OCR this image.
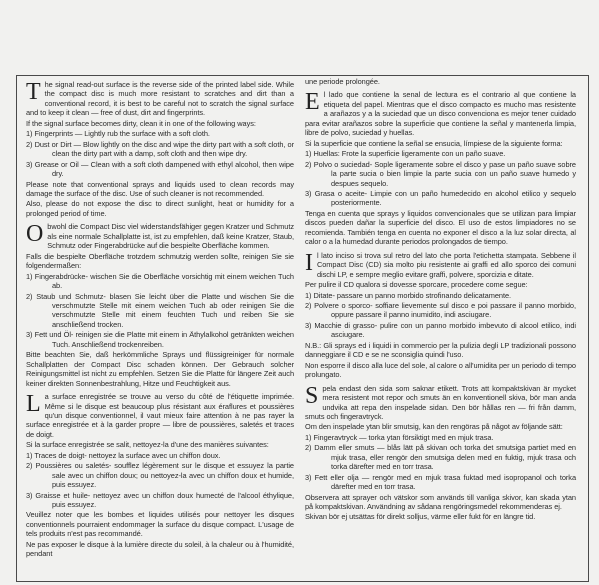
The signal read-out surface is the reverse side of the printed label side. While the compact disc is much more resistant to scratches and dirt than a conventional record, it is best to be careful not to scratch the signal surface and to keep it clean — free of dust, dirt and fingerprints.

If the signal surface becomes dirty, clean it in one of the following ways:

1) Fingerprints — Lightly rub the surface with a soft cloth.

2) Dust or Dirt — Blow lightly on the disc and wipe the dirty part with a soft cloth, or clean the dirty part with a damp, soft cloth and then wipe dry.

3) Grease or Oil — Clean with a soft cloth dampened with ethyl alcohol, then wipe dry.

Please note that conventional sprays and liquids used to clean records may damage the surface of the disc. Use of such cleaner is not recommended.

Also, please do not expose the disc to direct sunlight, heat or humidity for a prolonged period of time.

Obwohl die Compact Disc viel widerstandsfähiger gegen Kratzer und Schmutz als eine normale Schallplatte ist, ist zu empfehlen, daß keine Kratzer, Staub, Schmutz oder Fingerabdrücke auf die bespielte Oberfläche kommen.

Falls die bespielte Oberfläche trotzdem schmutzig werden sollte, reinigen Sie sie folgendermaßen:

1) Fingerabdrücke- wischen Sie die Oberfläche vorsichtig mit einem weichen Tuch ab.

2) Staub und Schmutz- blasen Sie leicht über die Platte und wischen Sie die verschmutzte Stelle mit einem weichen Tuch ab oder reinigen Sie die verschmutzte Stelle mit einem feuchten Tuch und reiben Sie sie anschließend trocken.

3) Fett und Öl- reinigen sie die Platte mit einem in Äthylalkohol getränkten weichen Tuch. Anschließend trockenreiben.

Bitte beachten Sie, daß herkömmliche Sprays und flüssigreiniger für normale Schallplatten der Compact Disc schaden können. Der Gebrauch solcher Reinigungsmittel ist nicht zu empfehlen. Setzen Sie die Platte für längere Zeit auch keiner direkten Sonnenbestrahlung, Hitze und Feuchtigkeit aus.

La surface enregistrée se trouve au verso du côté de l'étiquette imprimée. Même si le disque est beaucoup plus résistant aux éraflures et poussières qu'un disque conventionnel, il vaut mieux faire attention à ne pas rayer la surface enregistrée et à la garder propre — libre de poussières, saletés et traces de doigt.

Si la surface enregistrée se salit, nettoyez-la d'une des manières suivantes:

1) Traces de doigt- nettoyez la surface avec un chiffon doux.

2) Poussières ou saletés- soufflez légèrement sur le disque et essuyez la partie sale avec un chiffon doux; ou nettoyez-la avec un chiffon doux et humide, puis essuyez.

3) Graisse et huile- nettoyez avec un chiffon doux humecté de l'alcool éthylique, puis essuyez.

Veuillez noter que les bombes et liquides utilisés pour nettoyer les disques conventionnels pourraient endommager la surface du disque compact. L'usage de tels produits n'est pas recommandé.

Ne pas exposer le disque à la lumière directe du soleil, à la chaleur ou à l'humidité, pendant

une periode prolongée.

El lado que contiene la senal de lectura es el contrario al que contiene la etiqueta del papel. Mientras que el disco compacto es mucho mas resistente a arañazos y a la suciedad que un disco convenciona es mejor tener cuidado para evitar arañazos sobre la superficie que contiene la señal y mantenerla limpia, libre de polvo, suciedad y huellas.

Si la superficie que contiene la señal se ensucia, límpiese de la siguiente forma:

1) Huellas: Frote la superficie ligeramente con un paño suave.

2) Polvo o suciedad- Sople ligeramente sobre el disco y pase un paño suave sobre la parte sucia o bien limpie la parte sucia con un paño suave humedo y despues sequelo.

3) Grasa o aceite- Limpie con un paño humedecido en alcohol etilico y sequelo posteriormente.

Tenga en cuenta que sprays y liquidos convencionales que se utilizan para limpiar discos pueden dañar la superficie del disco. El uso de estos limpiadores no se recomienda. También tenga en cuenta no exponer el disco a la luz solar directa, al calor o a la humedad durante periodos prolongados de tiempo.

Il lato inciso si trova sul retro del lato che porta l'etichetta stampata. Sebbene il Compact Disc (CD) sia molto piu resistente ai graffi ed allo sporco dei comuni dischi LP, e sempre meglio evitare graffi, polvere, sporcizia e ditate.

Per pulire il CD qualora si dovesse sporcare, procedere come segue:

1) Ditate- passare un panno morbido strofinando delicatamente.

2) Polvere o sporco- soffiare lievemente sul disco e poi passare il panno morbido, oppure passare il panno inumidito, indi asciugare.

3) Macchie di grasso- pulire con un panno morbido imbevuto di alcool etilico, indi asciugare.

N.B.: Gli sprays ed i liquidi in commercio per la pulizia degli LP tradizionali possono danneggiare il CD e se ne sconsiglia quindi l'uso.

Non esporre il disco alla luce del sole, al calore o all'umidita per un periodo di tempo prolungato.

Spela endast den sida som saknar etikett. Trots att kompaktskivan är mycket mera resistent mot repor och smuts än en konventionell skiva, bör man anda undvika att repa den inspelade sidan. Den bör hållas ren — fri från damm, smuts och fingeravtryck.

Om den inspelade ytan blir smutsig, kan den rengöras på något av följande sätt:

1) Fingeravtryck — torka ytan försiktigt med en mjuk trasa.

2) Damm eller smuts — blås lätt på skivan och torka det smutsiga partiet med en mjuk trasa, eller rengör den smutsiga delen med en fuktig, mjuk trasa och torka därefter med en torr trasa.

3) Fett eller olja — rengör med en mjuk trasa fuktad med isopropanol och torka därefter med en torr trasa.

Observera att sprayer och vätskor som används till vanliga skivor, kan skada ytan på kompaktskivan. Användning av sådana rengöringsmedel rekommenderas ej.

Skivan bör ej utsättas för direkt solljus, värme eller fukt för en längre tid.
